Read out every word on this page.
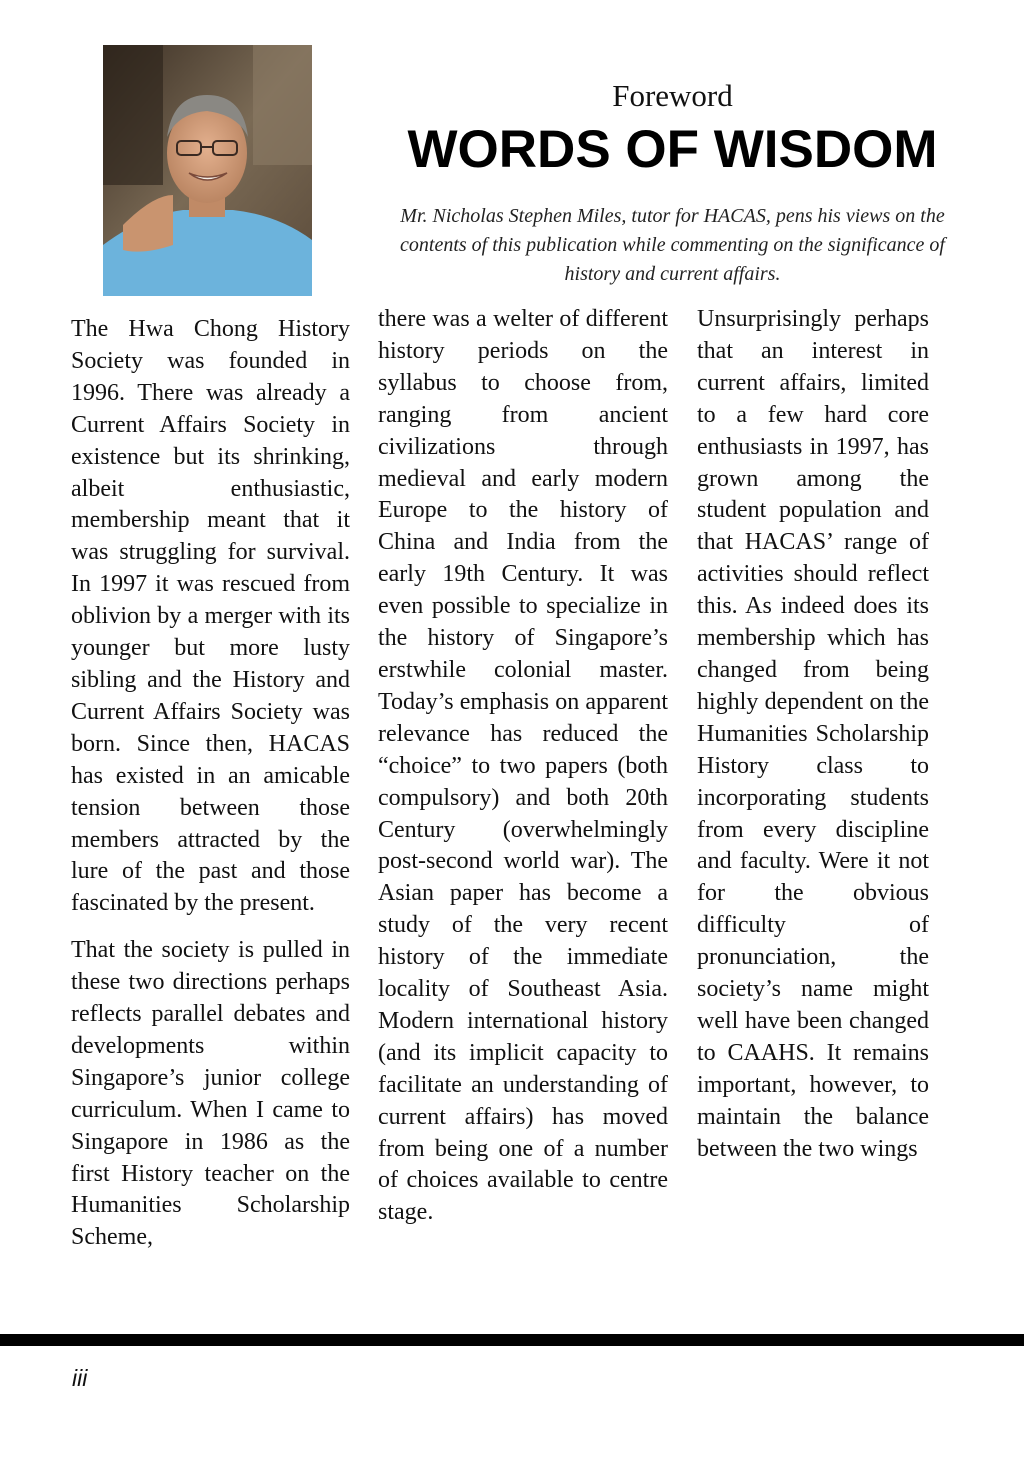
Foreword
WORDS OF WISDOM
Mr. Nicholas Stephen Miles, tutor for HACAS, pens his views on the contents of this publication while commenting on the significance of history and current affairs.

The Hwa Chong History Society was founded in 1996. There was already a Current Affairs Society in existence but its shrinking, albeit enthusiastic, membership meant that it was struggling for survival. In 1997 it was rescued from oblivion by a merger with its younger but more lusty sibling and the History and Current Affairs Society was born. Since then, HACAS has existed in an amicable tension between those members attracted by the lure of the past and those fascinated by the present.

That the society is pulled in these two directions perhaps reflects parallel debates and developments within Singapore’s junior college curriculum. When I came to Singapore in 1986 as the first History teacher on the Humanities Scholarship Scheme,

there was a welter of different history periods on the syllabus to choose from, ranging from ancient civilizations through medieval and early modern Europe to the history of China and India from the early 19th Century. It was even possible to specialize in the history of Singapore’s erstwhile colonial master. Today’s emphasis on apparent relevance has reduced the “choice” to two papers (both compulsory) and both 20th Century (overwhelmingly post-second world war). The Asian paper has become a study of the very recent history of the immediate locality of Southeast Asia. Modern international history (and its implicit capacity to facilitate an understanding of current affairs) has moved from being one of a number of choices available to centre stage.

Unsurprisingly perhaps that an interest in current affairs, limited to a few hard core enthusiasts in 1997, has grown among the student population and that HACAS’ range of activities should reflect this. As indeed does its membership which has changed from being highly dependent on the Humanities Scholarship History class to incorporating students from every discipline and faculty. Were it not for the obvious difficulty of pronunciation, the society’s name might well have been changed to CAAHS. It remains important, however, to maintain the balance between the two wings

iii
